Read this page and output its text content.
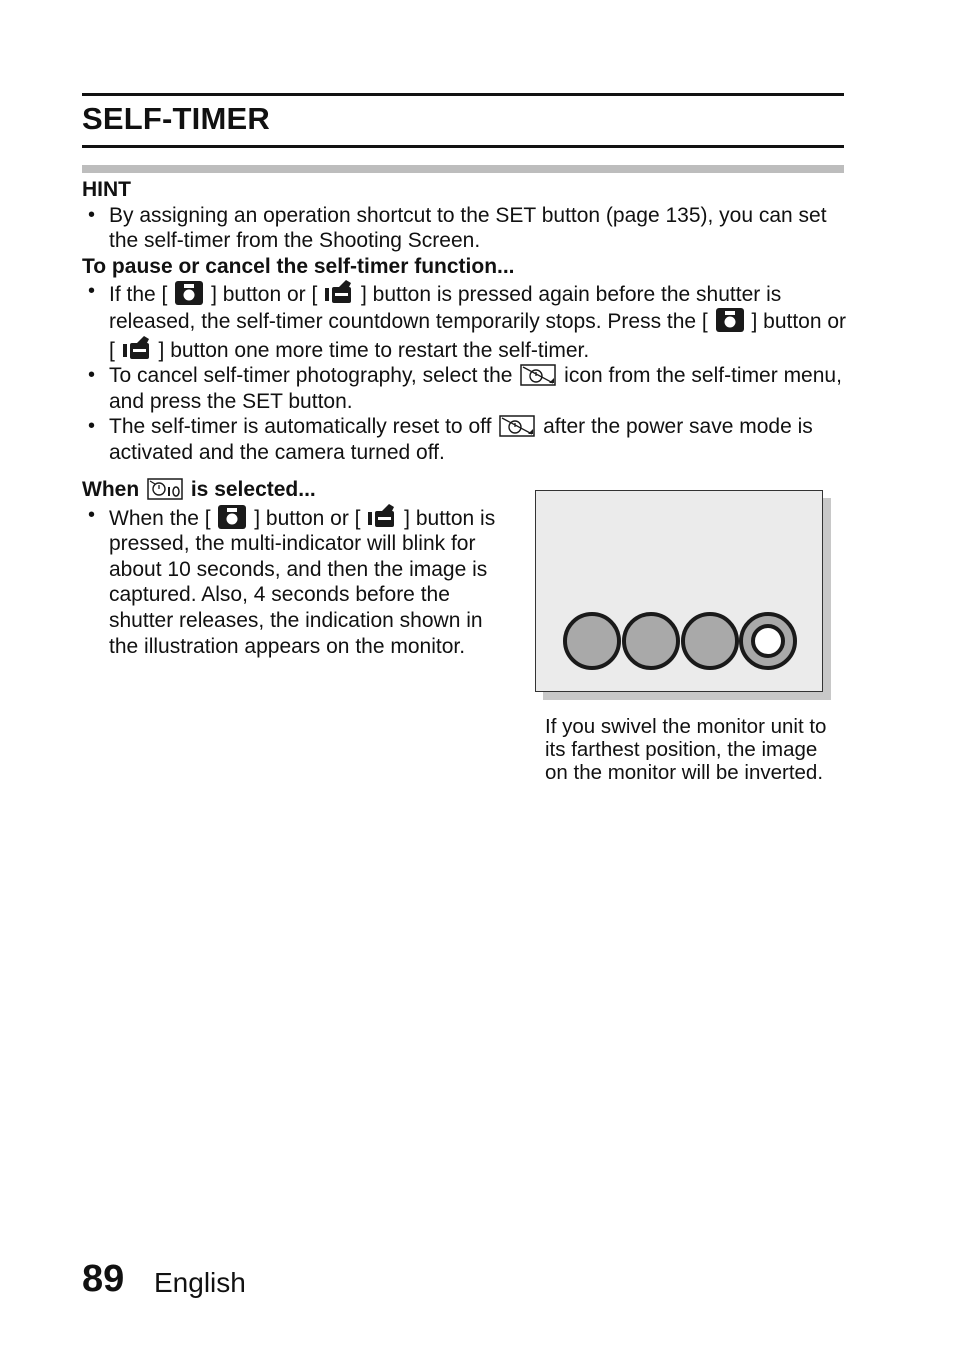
SELF-TIMER
HINT
• By assigning an operation shortcut to the SET button (page 135), you can set the self-timer from the Shooting Screen.
To pause or cancel the self-timer function...
• If the [ ] button or [ ] button is pressed again before the shutter is released, the self-timer countdown temporarily stops. Press the [ ] button or [ ] button one more time to restart the self-timer.
• To cancel self-timer photography, select the icon from the self-timer menu, and press the SET button.
• The self-timer is automatically reset to off after the power save mode is activated and the camera turned off.
When is selected...
• When the [ ] button or [ ] button is pressed, the multi-indicator will blink for about 10 seconds, and then the image is captured. Also, 4 seconds before the shutter releases, the indication shown in the illustration appears on the monitor.
If you swivel the monitor unit to its farthest position, the image on the monitor will be inverted.
89 English
